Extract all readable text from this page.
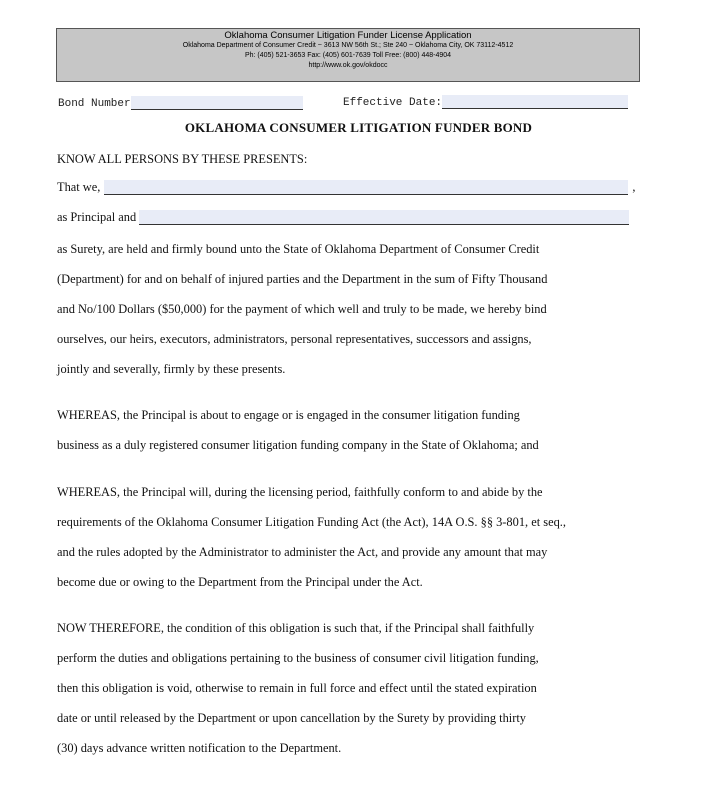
Oklahoma Consumer Litigation Funder License Application
Oklahoma Department of Consumer Credit ~ 3613 NW 56th St.; Ste 240 ~ Oklahoma City, OK 73112-4512
Ph: (405) 521-3653 Fax: (405) 601-7639 Toll Free: (800) 448-4904
http://www.ok.gov/okdocc
Bond Number	Effective Date:
OKLAHOMA CONSUMER LITIGATION FUNDER BOND
KNOW ALL PERSONS BY THESE PRESENTS:
That we,	,
as Principal and
as Surety, are held and firmly bound unto the State of Oklahoma Department of Consumer Credit
(Department) for and on behalf of injured parties and the Department in the sum of Fifty Thousand
and No/100 Dollars ($50,000) for the payment of which well and truly to be made, we hereby bind
ourselves, our heirs, executors, administrators, personal representatives, successors and assigns,
jointly and severally, firmly by these presents.
WHEREAS, the Principal is about to engage or is engaged in the consumer litigation funding
business as a duly registered consumer litigation funding company in the State of Oklahoma; and
WHEREAS, the Principal will, during the licensing period, faithfully conform to and abide by the
requirements of the Oklahoma Consumer Litigation Funding Act (the Act), 14A O.S. §§ 3-801, et seq.,
and the rules adopted by the Administrator to administer the Act, and provide any amount that may
become due or owing to the Department from the Principal under the Act.
NOW THEREFORE, the condition of this obligation is such that, if the Principal shall faithfully
perform the duties and obligations pertaining to the business of consumer civil litigation funding,
then this obligation is void, otherwise to remain in full force and effect until the stated expiration
date or until released by the Department or upon cancellation by the Surety by providing thirty
(30) days advance written notification to the Department.
